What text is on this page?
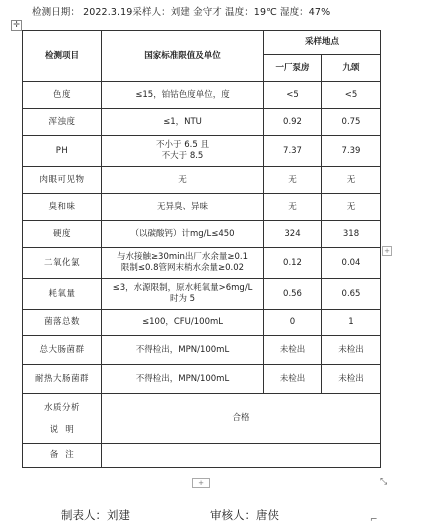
检测日期： 2022.3.19采样人：刘建 金守才 温度：19℃ 湿度：47%
✛
检测项目	国家标准限值及单位	采样地点	
		一厂泵房	九颂
色度	≤15，铂钴色度单位，度	<5	<5
浑浊度	≤1，NTU	0.92	0.75
PH	不小于 6.5 且
不大于 8.5	7.37	7.39
肉眼可见物	无	无	无
臭和味	无异臭、异味	无	无
硬度	（以碳酸钙）计mg/L≤450	324	318
二氧化氯	与水接触≥30min出厂水余量≥0.1
限制≤0.8管网末梢水余量≥0.02	0.12	0.04
耗氧量	≤3，水源限制，原水耗氧量>6mg/L
时为 5	0.56	0.65
菌落总数	≤100，CFU/100mL	0	1
总大肠菌群	不得检出，MPN/100mL	未检出	未检出
耐热大肠菌群	不得检出，MPN/100mL	未检出	未检出

水质分析
说  明	合格		
备  注			
+
+	⤡
⌐
制表人：刘建	审核人：唐侠
